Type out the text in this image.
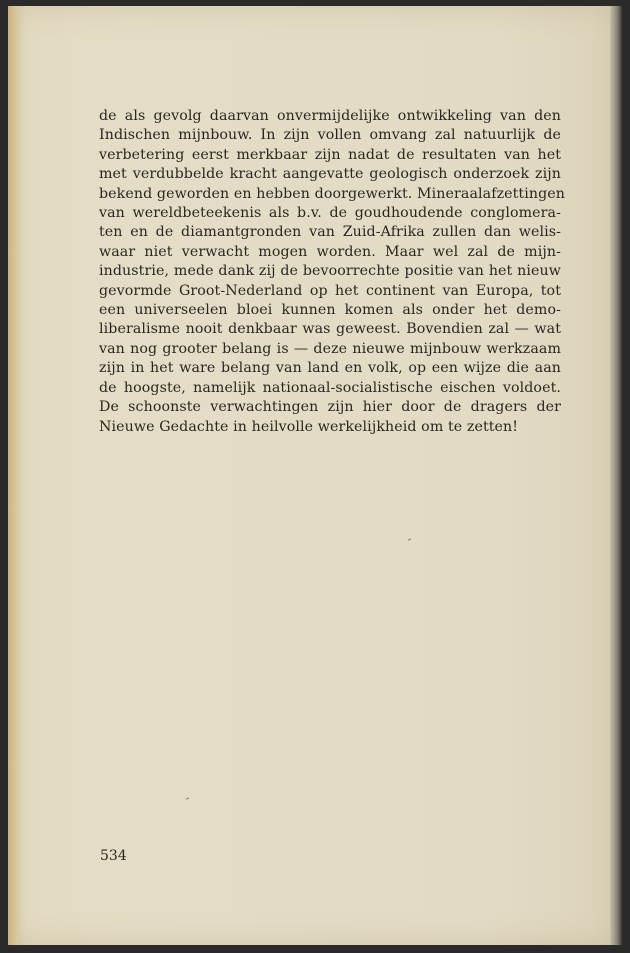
de als gevolg daarvan onvermijdelijke ontwikkeling van den
Indischen mijnbouw. In zijn vollen omvang zal natuurlijk de
verbetering eerst merkbaar zijn nadat de resultaten van het
met verdubbelde kracht aangevatte geologisch onderzoek zijn
bekend geworden en hebben doorgewerkt. Mineraalafzettingen
van wereldbeteekenis als b.v. de goudhoudende conglomera-
ten en de diamantgronden van Zuid-Afrika zullen dan welis-
waar niet verwacht mogen worden. Maar wel zal de mijn-
industrie, mede dank zij de bevoorrechte positie van het nieuw
gevormde Groot-Nederland op het continent van Europa, tot
een universeelen bloei kunnen komen als onder het demo-
liberalisme nooit denkbaar was geweest. Bovendien zal — wat
van nog grooter belang is — deze nieuwe mijnbouw werkzaam
zijn in het ware belang van land en volk, op een wijze die aan
de hoogste, namelijk nationaal-socialistische eischen voldoet.
De schoonste verwachtingen zijn hier door de dragers der
Nieuwe Gedachte in heilvolle werkelijkheid om te zetten!

534
